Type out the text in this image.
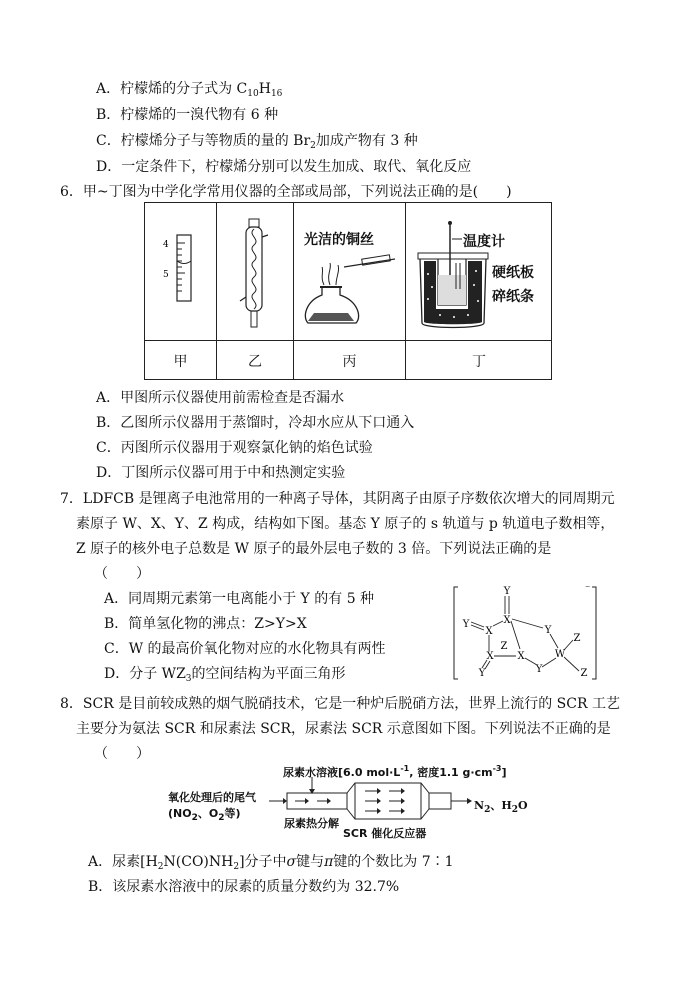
A．柠檬烯的分子式为 $C_{10}H_{16}$
B．柠檬烯的一溴代物有 6 种
C．柠檬烯分子与等物质的量的 $Br_2$加成产物有 3 种
D．一定条件下，柠檬烯分别可以发生加成、取代、氧化反应
6．甲~丁图为中学化学常用仪器的全部或局部，下列说法正确的是(　　)
4
5
光洁的铜丝	温度计
硬纸板
碎纸条
甲	乙	丙	丁
A．甲图所示仪器使用前需检查是否漏水
B．乙图所示仪器用于蒸馏时，冷却水应从下口通入
C．丙图所示仪器用于观察氯化钠的焰色试验
D．丁图所示仪器可用于中和热测定实验
7．LDFCB 是锂离子电池常用的一种离子导体，其阴离子由原子序数依次增大的同周期元
素原子 W、X、Y、Z 构成，结构如下图。基态 Y 原子的 s 轨道与 p 轨道电子数相等，
Z 原子的核外电子总数是 W 原子的最外层电子数的 3 倍。下列说法正确的是
（　　）
A．同周期元素第一电离能小于 Y 的有 5 种
B．简单氢化物的沸点：Z>Y>X
C．W 的最高价氧化物对应的水化物具有两性
D．分子 $WZ_3$的空间结构为平面三角形
⁻
Y
X
Y
X
X X
Z
Y
Y
W
Z
Z
Y
8．SCR 是目前较成熟的烟气脱硝技术，它是一种炉后脱硝方法，世界上流行的 SCR 工艺
主要分为氨法 SCR 和尿素法 SCR，尿素法 SCR 示意图如下图。下列说法不正确的是
（　　）
尿素水溶液[6.0 $mol\cdot L^{-1}$, 密度1.1 $g\cdot cm^{-3}$]
氧化处理后的尾气
($NO_2$、$O_2$等)
尿素热分解
SCR 催化反应器
$N_2$、$H_2O$
A．尿素$[H_2N(CO)NH_2]$分子中σ键与π键的个数比为 7∶1
B．该尿素水溶液中的尿素的质量分数约为 32.7%
